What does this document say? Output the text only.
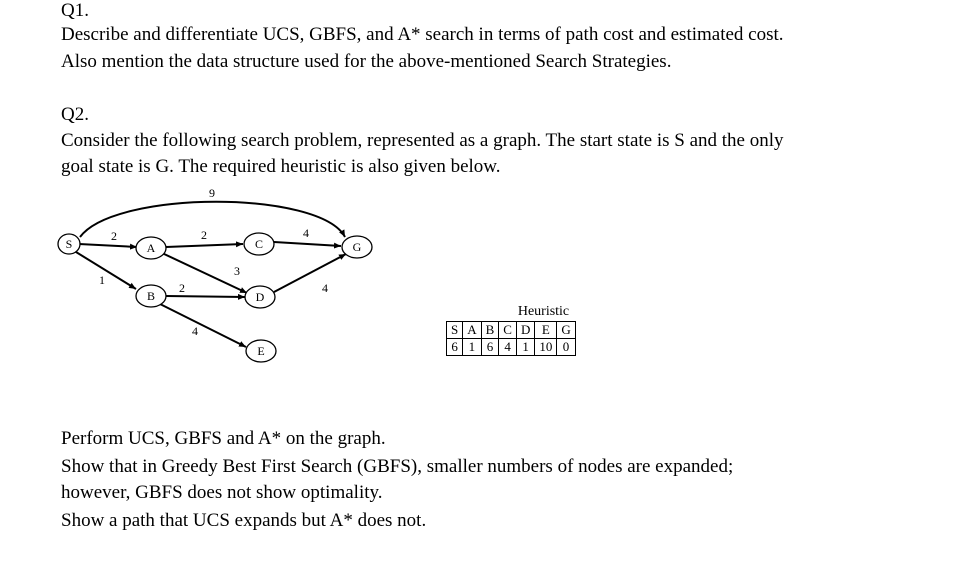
Q1.
Describe and differentiate UCS, GBFS, and A* search in terms of path cost and estimated cost.
Also mention the data structure used for the above-mentioned Search Strategies.
Q2.
Consider the following search problem, represented as a graph. The start state is S and the only
goal state is G. The required heuristic is also given below.
S	A
B
C
D
E
G
9
2
1
2
3
2
4
4
4
Heuristic
S	A	B	C	D	E	G
6	1	6	4	1	10	0
Perform UCS, GBFS and A* on the graph.
Show that in Greedy Best First Search (GBFS), smaller numbers of nodes are expanded;
however, GBFS does not show optimality.
Show a path that UCS expands but A* does not.
